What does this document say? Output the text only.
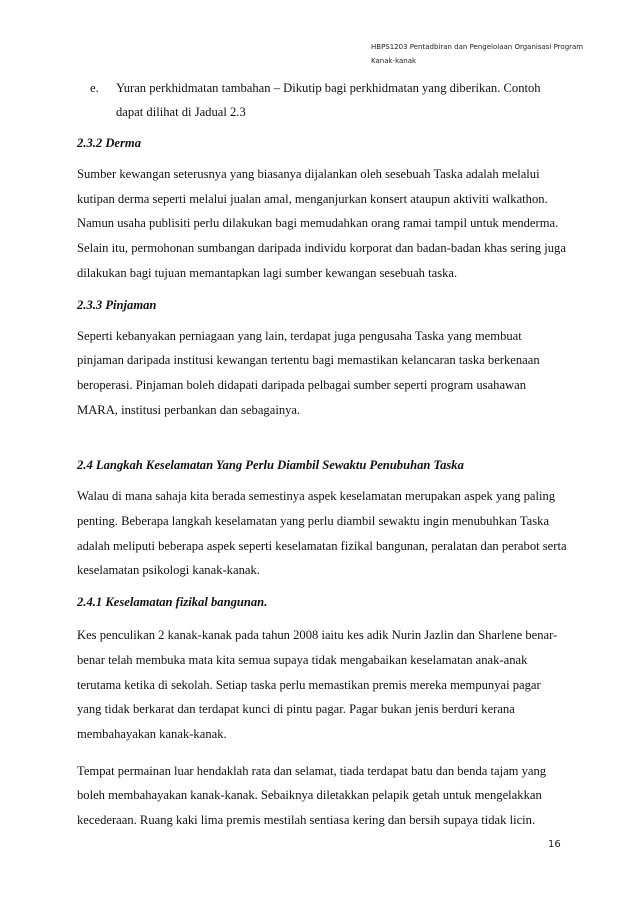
HBPS1203 Pentadbiran dan Pengelolaan Organisasi Program
Kanak-kanak
e.	Yuran perkhidmatan tambahan – Dikutip bagi perkhidmatan yang diberikan. Contoh dapat dilihat di Jadual 2.3
2.3.2 Derma

Sumber kewangan seterusnya yang biasanya dijalankan oleh sesebuah Taska adalah melalui kutipan derma seperti melalui jualan amal, menganjurkan konsert ataupun aktiviti walkathon. Namun usaha publisiti perlu dilakukan bagi memudahkan orang ramai tampil untuk menderma. Selain itu, permohonan sumbangan daripada individu korporat dan badan-badan khas sering juga dilakukan bagi tujuan memantapkan lagi sumber kewangan sesebuah taska.

2.3.3 Pinjaman

Seperti kebanyakan perniagaan yang lain, terdapat juga pengusaha Taska yang membuat pinjaman daripada institusi kewangan tertentu bagi memastikan kelancaran taska berkenaan beroperasi. Pinjaman boleh didapati daripada pelbagai sumber seperti program usahawan MARA, institusi perbankan dan sebagainya.

2.4 Langkah Keselamatan Yang Perlu Diambil Sewaktu Penubuhan Taska

Walau di mana sahaja kita berada semestinya aspek keselamatan merupakan aspek yang paling penting. Beberapa langkah keselamatan yang perlu diambil sewaktu ingin menubuhkan Taska adalah meliputi beberapa aspek seperti keselamatan fizikal bangunan, peralatan dan perabot serta keselamatan psikologi kanak-kanak.

2.4.1 Keselamatan fizikal bangunan.

Kes penculikan 2 kanak-kanak pada tahun 2008 iaitu kes adik Nurin Jazlin dan Sharlene benar-benar telah membuka mata kita semua supaya tidak mengabaikan keselamatan anak-anak terutama ketika di sekolah. Setiap taska perlu memastikan premis mereka mempunyai pagar yang tidak berkarat dan terdapat kunci di pintu pagar. Pagar bukan jenis berduri kerana membahayakan kanak-kanak.

Tempat permainan luar hendaklah rata dan selamat, tiada terdapat batu dan benda tajam yang boleh membahayakan kanak-kanak. Sebaiknya diletakkan pelapik getah untuk mengelakkan kecederaan. Ruang kaki lima premis mestilah sentiasa kering dan bersih supaya tidak licin.

16
